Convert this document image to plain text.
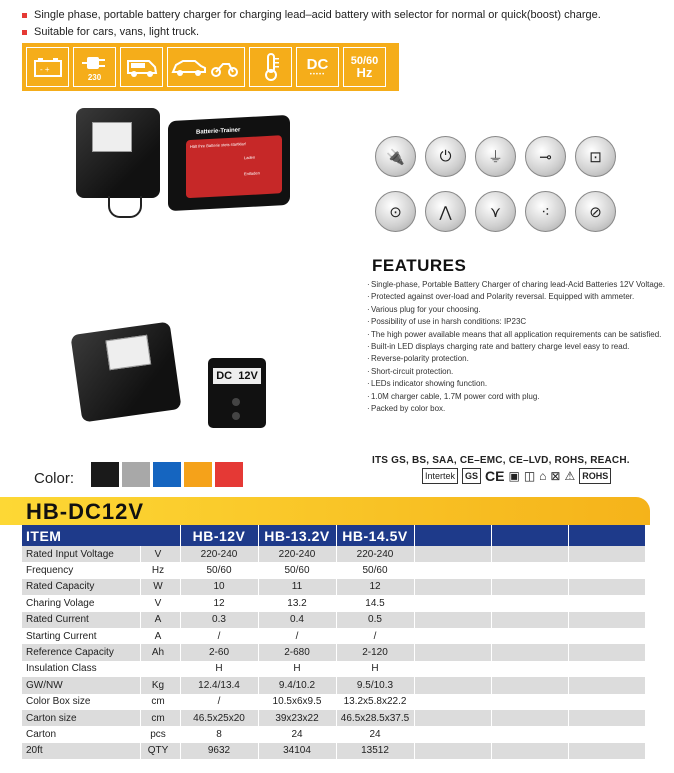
Single phase, portable battery charger for charging lead–acid battery with selector for normal or quick(boost) charge.
Suitable for cars, vans, light truck.
- +
230
DC
•••••
50/60
Hz
Batterie-Trainer
Hält Ihre Batterie stets startklar!
Laden
Entladen
DC  12V
🔌	⏻	⏚	⊸	⊡
⊙	⋀	⋎	⁖	⊘
FEATURES
· Single-phase, Portable Battery Charger of charing lead-Acid Batteries 12V Voltage.
· Protected against over-load and Polarity reversal. Equipped with ammeter.
· Various plug for your choosing.
· Possibility of use in harsh conditions: IP23C
· The high power available means that all application requirements can be satisfied.
· Built-in LED displays charging rate and battery charge level easy to read.
· Reverse-polarity protection.
· Short-circuit protection.
· LEDs indicator showing function.
· 1.0M charger cable, 1.7M power cord with plug.
· Packed by color box.
ITS GS, BS, SAA, CE–EMC, CE–LVD, ROHS, REACH.
Intertek	GS CE ▣ ◫ ⌂ ⊠ ⚠ ROHS
Color:
HB-DC12V
ITEM		HB-12V	HB-13.2V	HB-14.5V			
Rated Input Voltage	V	220-240	220-240	220-240			
Frequency	Hz	50/60	50/60	50/60			
Rated Capacity	W	10	11	12			
Charing Volage	V	12	13.2	14.5			
Rated Current	A	0.3	0.4	0.5			
Starting Current	A	/	/	/			
Reference Capacity	Ah	2-60	2-680	2-120			
Insulation Class		H	H	H			
GW/NW	Kg	12.4/13.4	9.4/10.2	9.5/10.3			
Color Box size	cm	/	10.5x6x9.5	13.2x5.8x22.2			
Carton size	cm	46.5x25x20	39x23x22	46.5x28.5x37.5			
Carton	pcs	8	24	24			
20ft	QTY	9632	34104	13512			
